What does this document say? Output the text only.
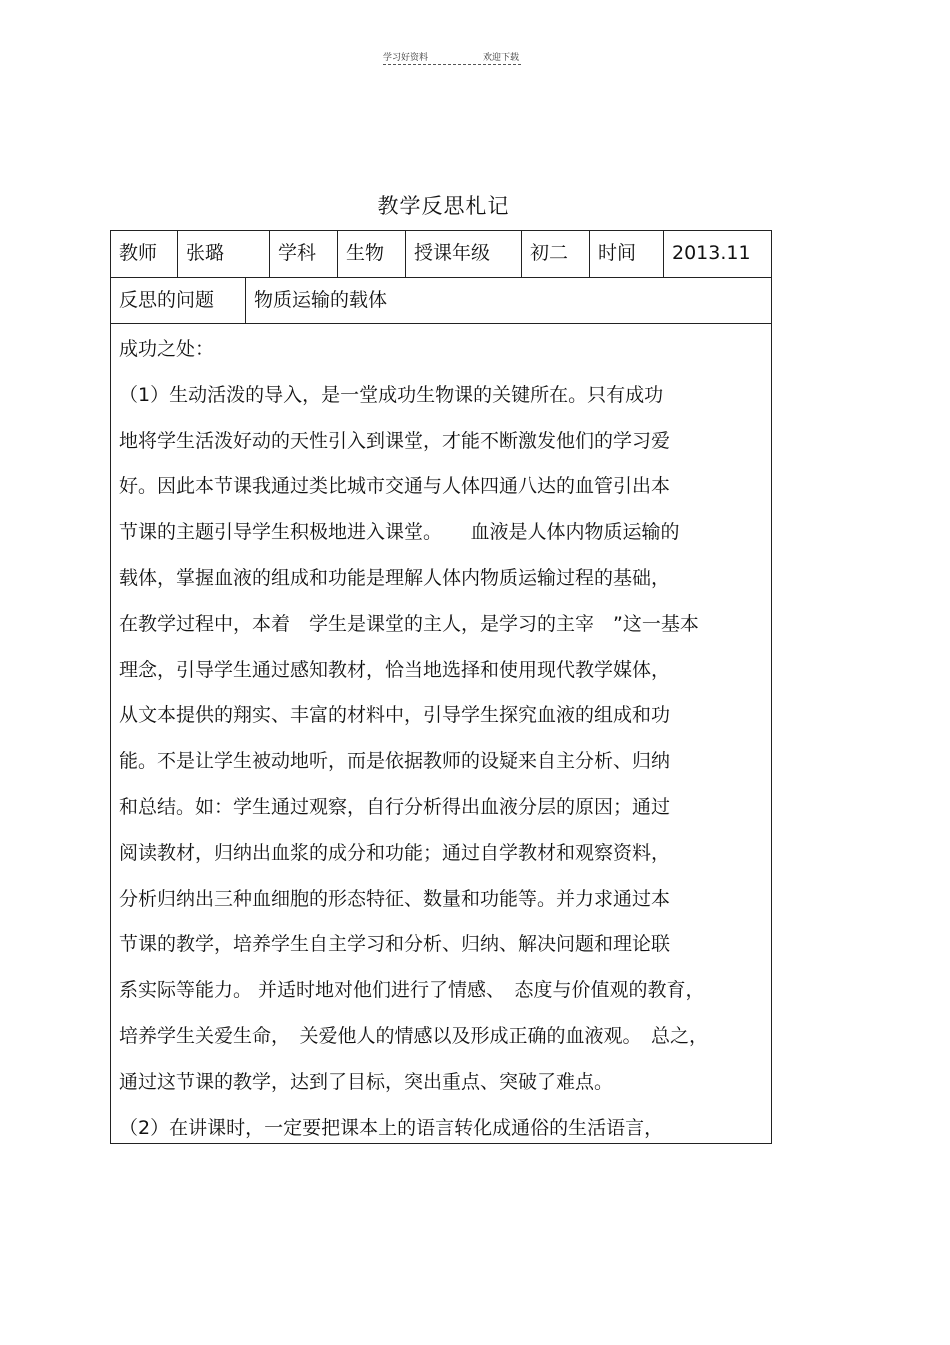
学习好资料	欢迎下载
教学反思札记
教师	张璐	学科	生物	授课年级	初二	时间	2013.11
反思的问题	物质运输的载体

成功之处：

（1）生动活泼的导入，是一堂成功生物课的关键所在。只有成功

地将学生活泼好动的天性引入到课堂，才能不断激发他们的学习爱

好。因此本节课我通过类比城市交通与人体四通八达的血管引出本

节课的主题引导学生积极地进入课堂。　　血液是人体内物质运输的

载体，掌握血液的组成和功能是理解人体内物质运输过程的基础，

在教学过程中，本着　学生是课堂的主人，是学习的主宰　”这一基本

理念，引导学生通过感知教材，恰当地选择和使用现代教学媒体，

从文本提供的翔实、丰富的材料中，引导学生探究血液的组成和功

能。不是让学生被动地听，而是依据教师的设疑来自主分析、归纳

和总结。如：学生通过观察，自行分析得出血液分层的原因；通过

阅读教材，归纳出血浆的成分和功能；通过自学教材和观察资料，

分析归纳出三种血细胞的形态特征、数量和功能等。并力求通过本

节课的教学，培养学生自主学习和分析、归纳、解决问题和理论联

系实际等能力。 并适时地对他们进行了情感、　态度与价值观的教育，

培养学生关爱生命，　关爱他人的情感以及形成正确的血液观。　总之，

通过这节课的教学，达到了目标，突出重点、突破了难点。

（2）在讲课时，一定要把课本上的语言转化成通俗的生活语言，
